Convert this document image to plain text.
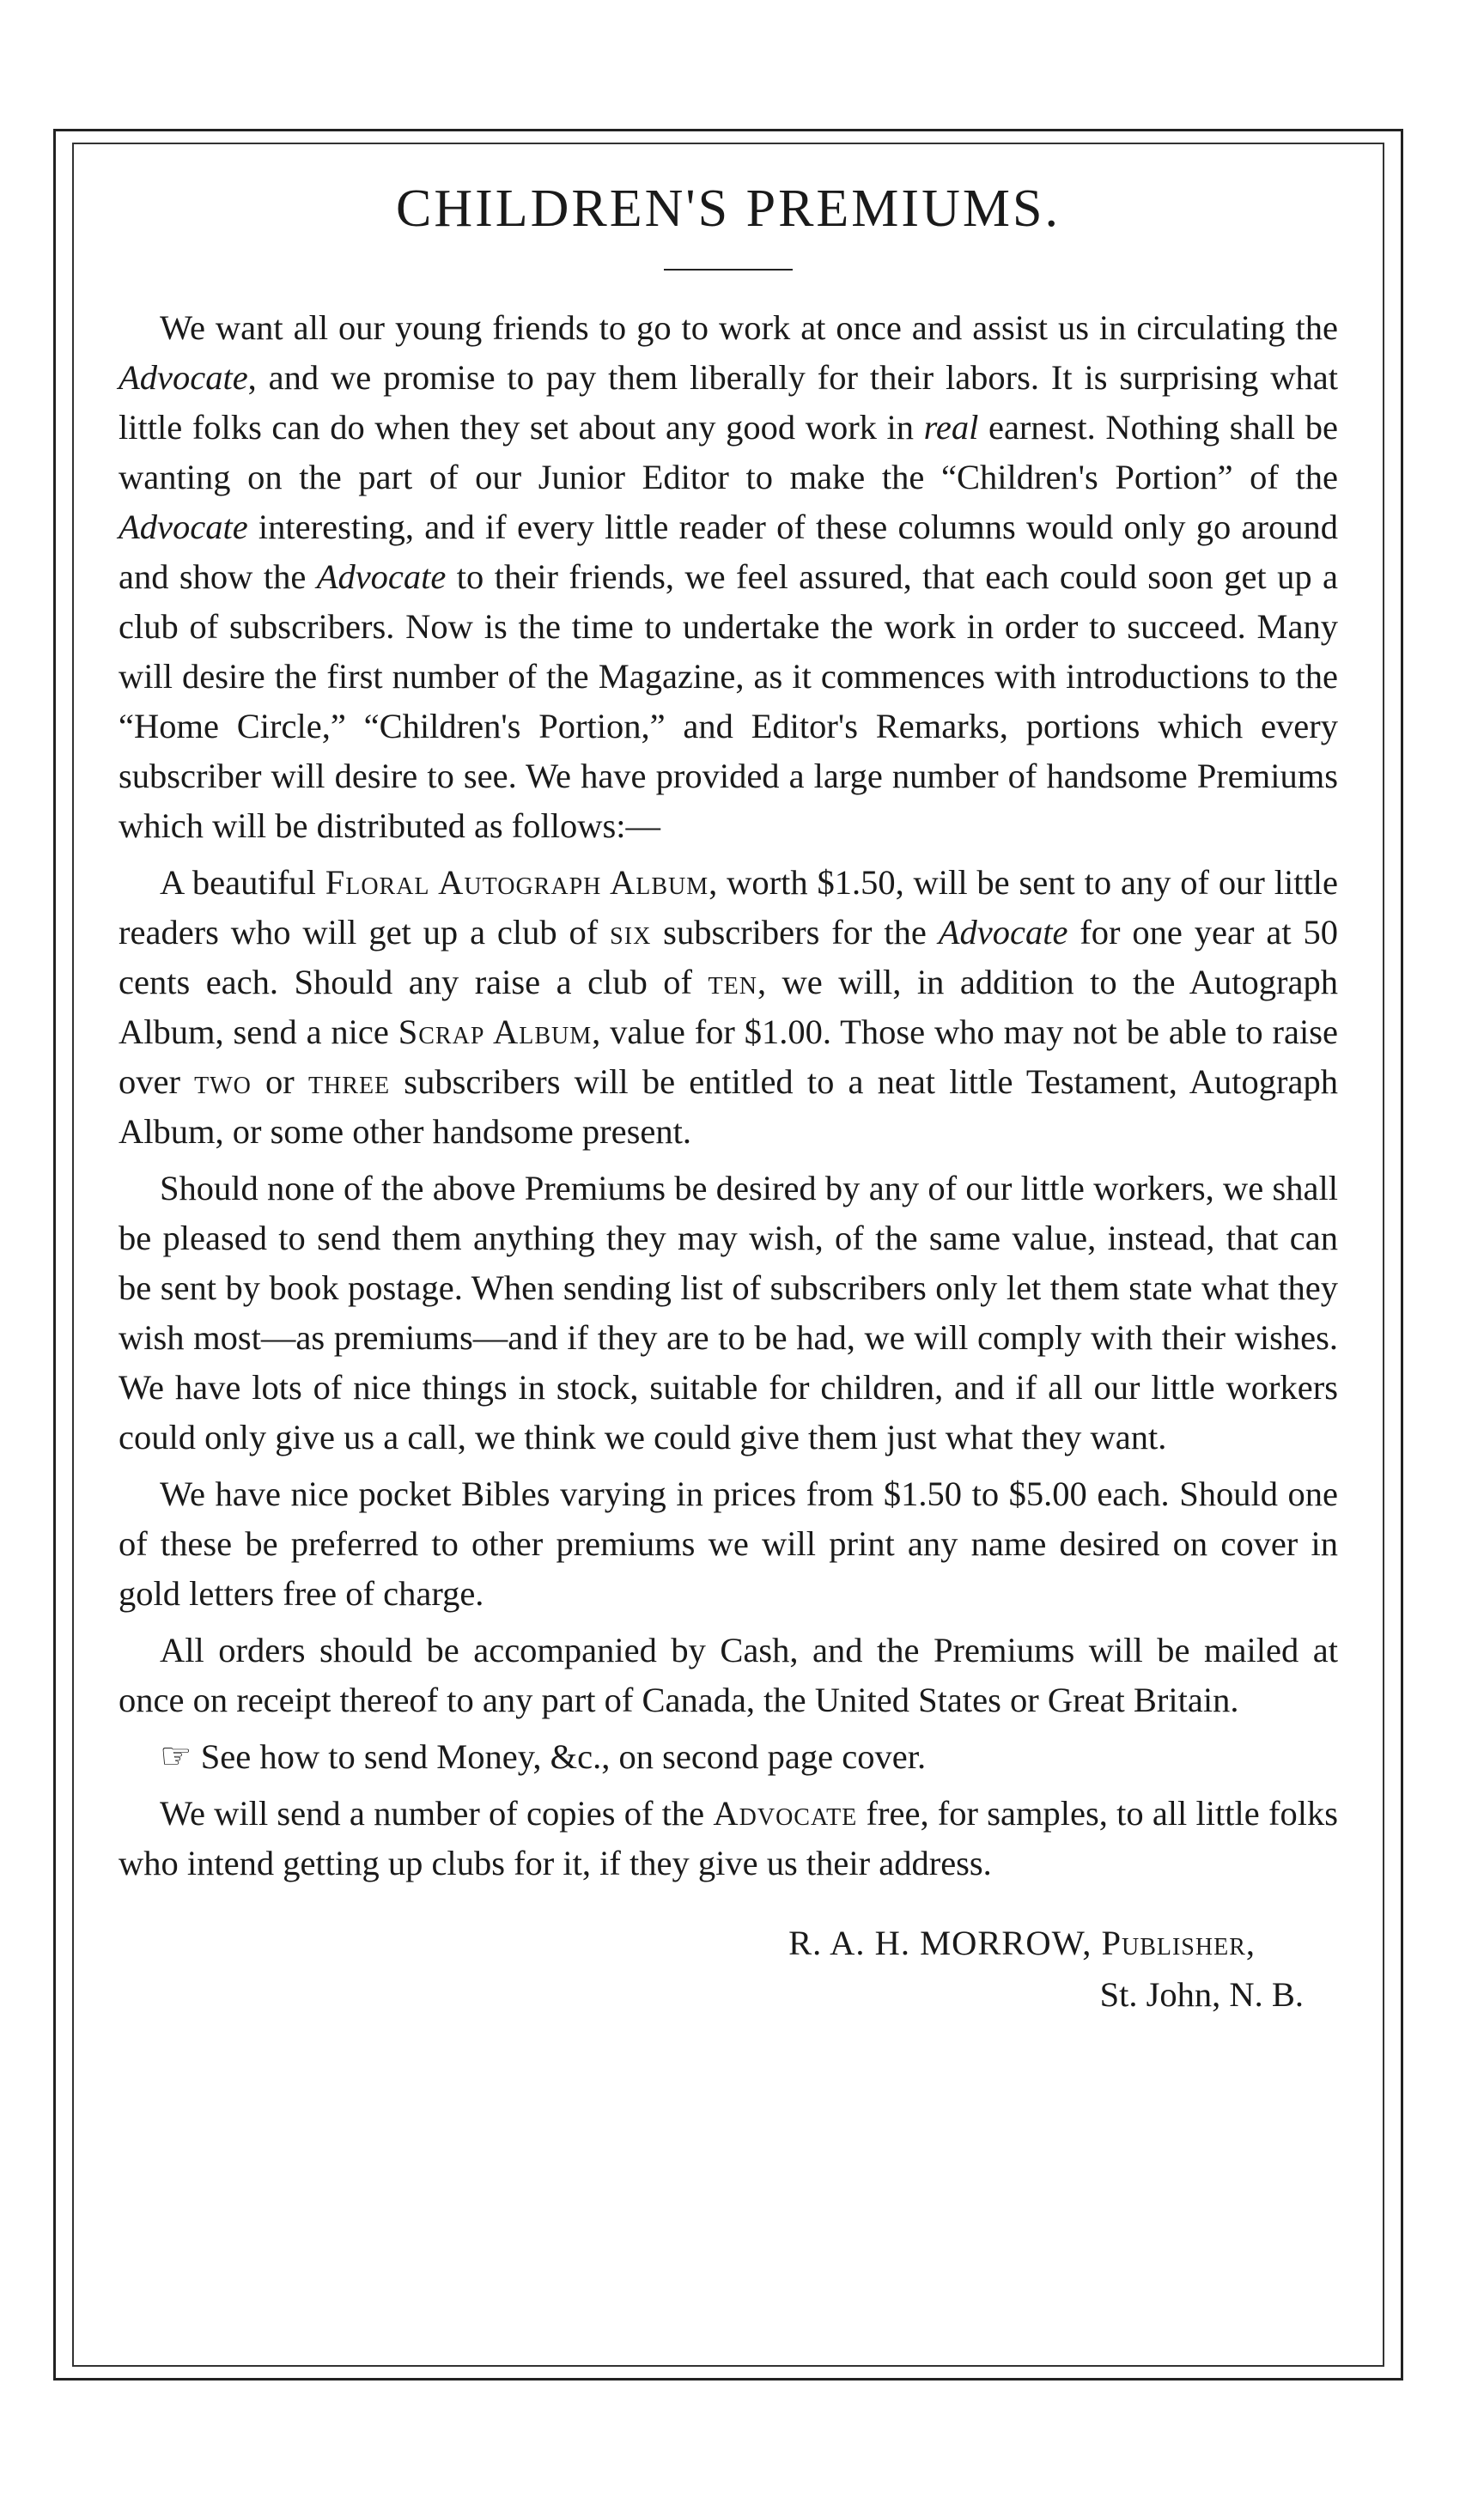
CHILDREN'S PREMIUMS.

We want all our young friends to go to work at once and assist us in circulating the Advocate, and we promise to pay them liberally for their labors. It is surprising what little folks can do when they set about any good work in real earnest. Nothing shall be wanting on the part of our Junior Editor to make the “Children's Portion” of the Advocate interesting, and if every little reader of these columns would only go around and show the Advocate to their friends, we feel assured, that each could soon get up a club of subscribers. Now is the time to undertake the work in order to succeed. Many will desire the first number of the Magazine, as it commences with introductions to the “Home Circle,” “Children's Portion,” and Editor's Remarks, portions which every subscriber will desire to see. We have provided a large number of handsome Premiums which will be distributed as follows:—

A beautiful Floral Autograph Album, worth $1.50, will be sent to any of our little readers who will get up a club of six subscribers for the Advocate for one year at 50 cents each. Should any raise a club of ten, we will, in addition to the Autograph Album, send a nice Scrap Album, value for $1.00. Those who may not be able to raise over two or three subscribers will be entitled to a neat little Testament, Autograph Album, or some other handsome present.

Should none of the above Premiums be desired by any of our little workers, we shall be pleased to send them anything they may wish, of the same value, instead, that can be sent by book postage. When sending list of subscribers only let them state what they wish most—as premiums—and if they are to be had, we will comply with their wishes. We have lots of nice things in stock, suitable for children, and if all our little workers could only give us a call, we think we could give them just what they want.

We have nice pocket Bibles varying in prices from $1.50 to $5.00 each. Should one of these be preferred to other premiums we will print any name desired on cover in gold letters free of charge.

All orders should be accompanied by Cash, and the Premiums will be mailed at once on receipt thereof to any part of Canada, the United States or Great Britain.

☞ See how to send Money, &c., on second page cover.

We will send a number of copies of the Advocate free, for samples, to all little folks who intend getting up clubs for it, if they give us their address.

R. A. H. MORROW, Publisher,
St. John, N. B.
